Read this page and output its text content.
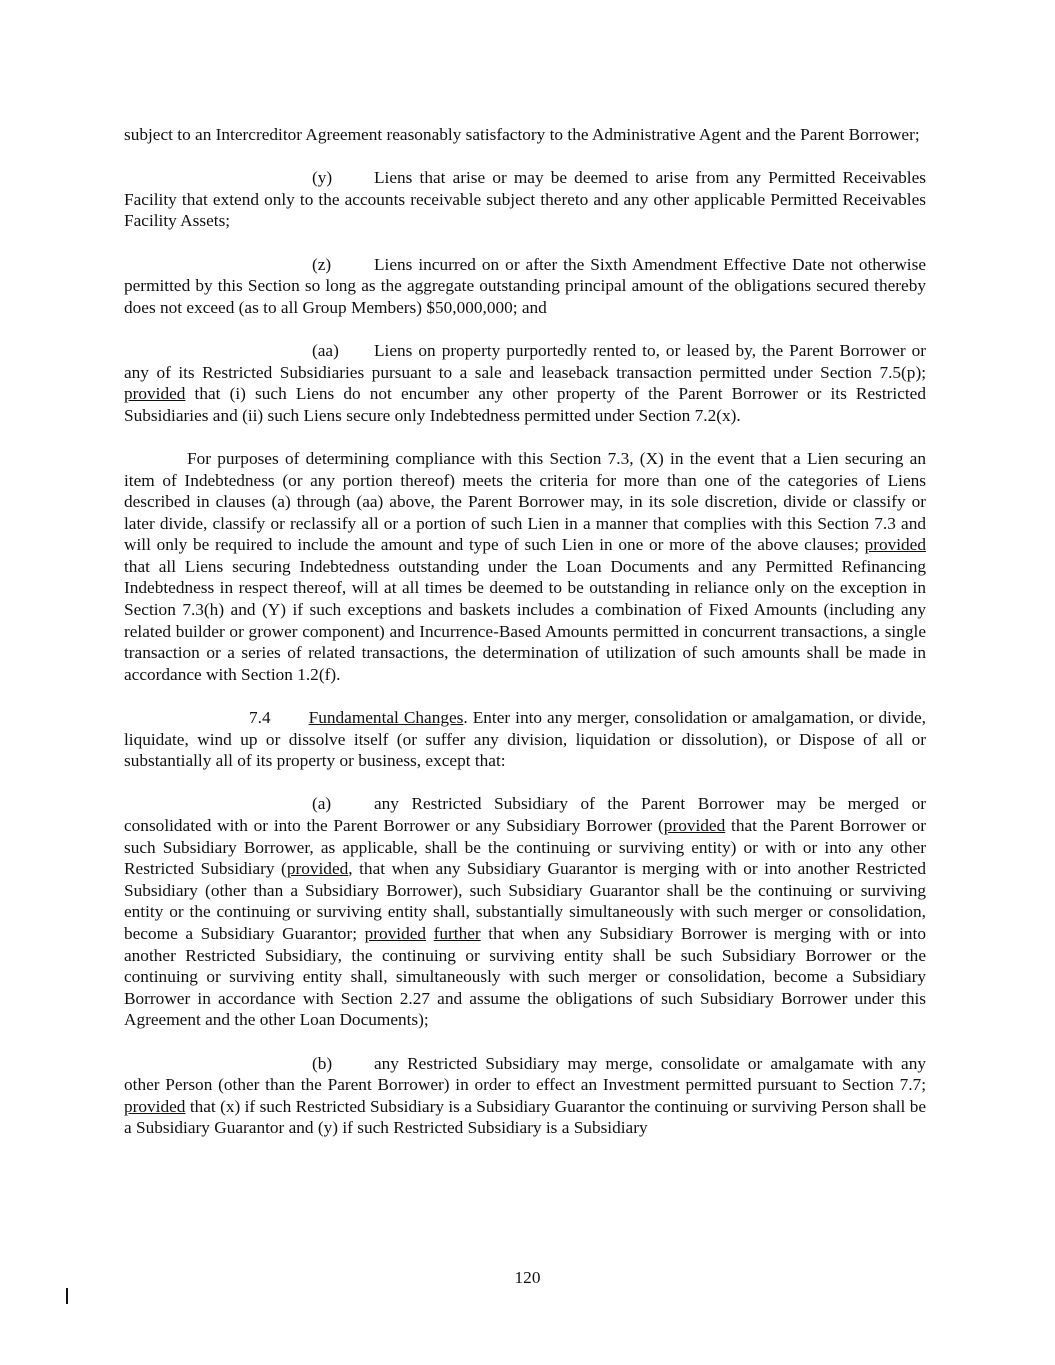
subject to an Intercreditor Agreement reasonably satisfactory to the Administrative Agent and the Parent Borrower;

(y) Liens that arise or may be deemed to arise from any Permitted Receivables Facility that extend only to the accounts receivable subject thereto and any other applicable Permitted Receivables Facility Assets;

(z) Liens incurred on or after the Sixth Amendment Effective Date not otherwise permitted by this Section so long as the aggregate outstanding principal amount of the obligations secured thereby does not exceed (as to all Group Members) $50,000,000; and

(aa) Liens on property purportedly rented to, or leased by, the Parent Borrower or any of its Restricted Subsidiaries pursuant to a sale and leaseback transaction permitted under Section 7.5(p); provided that (i) such Liens do not encumber any other property of the Parent Borrower or its Restricted Subsidiaries and (ii) such Liens secure only Indebtedness permitted under Section 7.2(x).

For purposes of determining compliance with this Section 7.3, (X) in the event that a Lien securing an item of Indebtedness (or any portion thereof) meets the criteria for more than one of the categories of Liens described in clauses (a) through (aa) above, the Parent Borrower may, in its sole discretion, divide or classify or later divide, classify or reclassify all or a portion of such Lien in a manner that complies with this Section 7.3 and will only be required to include the amount and type of such Lien in one or more of the above clauses; provided that all Liens securing Indebtedness outstanding under the Loan Documents and any Permitted Refinancing Indebtedness in respect thereof, will at all times be deemed to be outstanding in reliance only on the exception in Section 7.3(h) and (Y) if such exceptions and baskets includes a combination of Fixed Amounts (including any related builder or grower component) and Incurrence-Based Amounts permitted in concurrent transactions, a single transaction or a series of related transactions, the determination of utilization of such amounts shall be made in accordance with Section 1.2(f).

7.4 Fundamental Changes. Enter into any merger, consolidation or amalgamation, or divide, liquidate, wind up or dissolve itself (or suffer any division, liquidation or dissolution), or Dispose of all or substantially all of its property or business, except that:

(a) any Restricted Subsidiary of the Parent Borrower may be merged or consolidated with or into the Parent Borrower or any Subsidiary Borrower (provided that the Parent Borrower or such Subsidiary Borrower, as applicable, shall be the continuing or surviving entity) or with or into any other Restricted Subsidiary (provided, that when any Subsidiary Guarantor is merging with or into another Restricted Subsidiary (other than a Subsidiary Borrower), such Subsidiary Guarantor shall be the continuing or surviving entity or the continuing or surviving entity shall, substantially simultaneously with such merger or consolidation, become a Subsidiary Guarantor; provided further that when any Subsidiary Borrower is merging with or into another Restricted Subsidiary, the continuing or surviving entity shall be such Subsidiary Borrower or the continuing or surviving entity shall, simultaneously with such merger or consolidation, become a Subsidiary Borrower in accordance with Section 2.27 and assume the obligations of such Subsidiary Borrower under this Agreement and the other Loan Documents);

(b) any Restricted Subsidiary may merge, consolidate or amalgamate with any other Person (other than the Parent Borrower) in order to effect an Investment permitted pursuant to Section 7.7; provided that (x) if such Restricted Subsidiary is a Subsidiary Guarantor the continuing or surviving Person shall be a Subsidiary Guarantor and (y) if such Restricted Subsidiary is a Subsidiary

120
